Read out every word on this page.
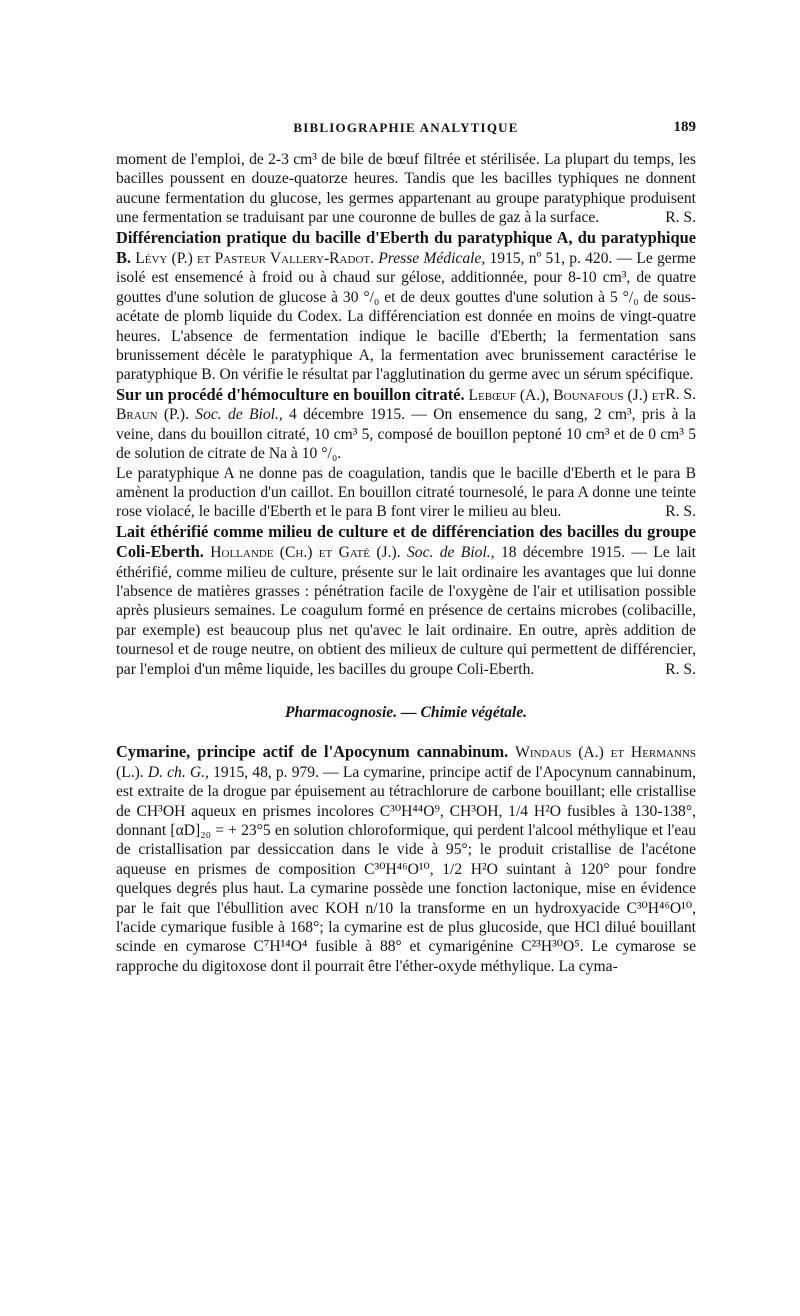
BIBLIOGRAPHIE ANALYTIQUE	189

moment de l'emploi, de 2-3 cm³ de bile de bœuf filtrée et stérilisée. La plupart du temps, les bacilles poussent en douze-quatorze heures. Tandis que les bacilles typhiques ne donnent aucune fermentation du glucose, les germes appartenant au groupe paratyphique produisent une fermentation se traduisant par une couronne de bulles de gaz à la surface.	R. S.

Différenciation pratique du bacille d'Eberth du paratyphique A, du paratyphique B. Lévy (P.) et Pasteur Vallery-Radot. Presse Médicale, 1915, nº 51, p. 420. — Le germe isolé est ensemencé à froid ou à chaud sur gélose, additionnée, pour 8-10 cm³, de quatre gouttes d'une solution de glucose à 30 °/₀ et de deux gouttes d'une solution à 5 °/₀ de sous-acétate de plomb liquide du Codex. La différenciation est donnée en moins de vingt-quatre heures. L'absence de fermentation indique le bacille d'Eberth; la fermentation sans brunissement décèle le paratyphique A, la fermentation avec brunissement caractérise le paratyphique B. On vérifie le résultat par l'agglutination du germe avec un sérum spécifique.
R. S.

Sur un procédé d'hémoculture en bouillon citraté. Lebœuf (A.), Bounafous (J.) et Braun (P.). Soc. de Biol., 4 décembre 1915. — On ensemence du sang, 2 cm³, pris à la veine, dans du bouillon citraté, 10 cm³ 5, composé de bouillon peptoné 10 cm³ et de 0 cm³ 5 de solution de citrate de Na à 10 °/₀.

Le paratyphique A ne donne pas de coagulation, tandis que le bacille d'Eberth et le para B amènent la production d'un caillot. En bouillon citraté tournesolé, le para A donne une teinte rose violacé, le bacille d'Eberth et le para B font virer le milieu au bleu.	R. S.

Lait éthérifié comme milieu de culture et de différenciation des bacilles du groupe Coli-Eberth. Hollande (Ch.) et Gaté (J.). Soc. de Biol., 18 décembre 1915. — Le lait éthérifié, comme milieu de culture, présente sur le lait ordinaire les avantages que lui donne l'absence de matières grasses : pénétration facile de l'oxygène de l'air et utilisation possible après plusieurs semaines. Le coagulum formé en présence de certains microbes (colibacille, par exemple) est beaucoup plus net qu'avec le lait ordinaire. En outre, après addition de tournesol et de rouge neutre, on obtient des milieux de culture qui permettent de différencier, par l'emploi d'un même liquide, les bacilles du groupe Coli-Eberth.	R. S.

Pharmacognosie. — Chimie végétale.

Cymarine, principe actif de l'Apocynum cannabinum. Windaus (A.) et Hermanns (L.). D. ch. G., 1915, 48, p. 979. — La cymarine, principe actif de l'Apocynum cannabinum, est extraite de la drogue par épuisement au tétrachlorure de carbone bouillant; elle cristallise de CH³OH aqueux en prismes incolores C³⁰H⁴⁴O⁹, CH³OH, 1/4 H²O fusibles à 130-138°, donnant [αD]₂₀ = + 23°5 en solution chloroformique, qui perdent l'alcool méthylique et l'eau de cristallisation par dessiccation dans le vide à 95°; le produit cristallise de l'acétone aqueuse en prismes de composition C³⁰H⁴⁶O¹⁰, 1/2 H²O suintant à 120° pour fondre quelques degrés plus haut. La cymarine possède une fonction lactonique, mise en évidence par le fait que l'ébullition avec KOH n/10 la transforme en un hydroxyacide C³⁰H⁴⁶O¹⁰, l'acide cymarique fusible à 168°; la cymarine est de plus glucoside, que HCl dilué bouillant scinde en cymarose C⁷H¹⁴O⁴ fusible à 88° et cymarigénine C²³H³⁰O⁵. Le cymarose se rapproche du digitoxose dont il pourrait être l'éther-oxyde méthylique. La cyma-
